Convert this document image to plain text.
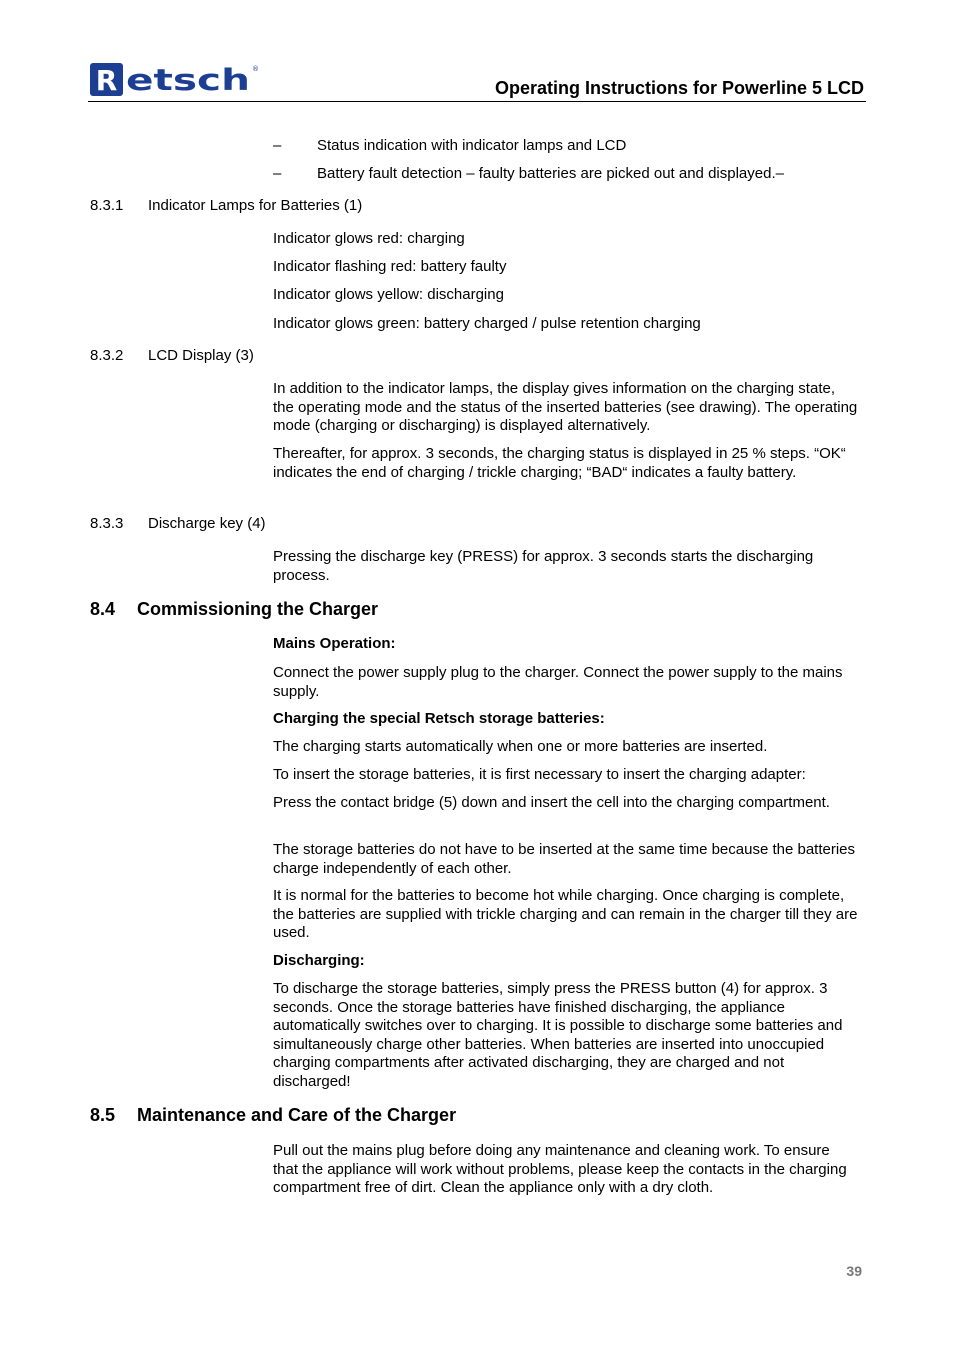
R etsch ®
Operating Instructions for Powerline 5 LCD
– Status indication with indicator lamps and LCD
– Battery fault detection – faulty batteries are picked out and displayed.–
8.3.1 Indicator Lamps for Batteries (1)
Indicator glows red: charging
Indicator flashing red: battery faulty
Indicator glows yellow: discharging
Indicator glows green: battery charged / pulse retention charging
8.3.2 LCD Display (3)
In addition to the indicator lamps, the display gives information on the charging state, the operating mode and the status of the inserted batteries (see drawing). The operating mode (charging or discharging) is displayed alternatively.
Thereafter, for approx. 3 seconds, the charging status is displayed in 25 % steps. “OK“ indicates the end of charging / trickle charging; “BAD“ indicates a faulty battery.
8.3.3 Discharge key (4)
Pressing the discharge key (PRESS) for approx. 3 seconds starts the discharging process.
8.4 Commissioning the Charger
Mains Operation:
Connect the power supply plug to the charger. Connect the power supply to the mains supply.
Charging the special Retsch storage batteries:
The charging starts automatically when one or more batteries are inserted.
To insert the storage batteries, it is first necessary to insert the charging adapter:
Press the contact bridge (5) down and insert the cell into the charging compartment.
The storage batteries do not have to be inserted at the same time because the batteries charge independently of each other.
It is normal for the batteries to become hot while charging. Once charging is complete, the batteries are supplied with trickle charging and can remain in the charger till they are used.
Discharging:
To discharge the storage batteries, simply press the PRESS button (4) for approx. 3 seconds. Once the storage batteries have finished discharging, the appliance automatically switches over to charging. It is possible to discharge some batteries and simultaneously charge other batteries. When batteries are inserted into unoccupied charging compartments after activated discharging, they are charged and not discharged!
8.5 Maintenance and Care of the Charger
Pull out the mains plug before doing any maintenance and cleaning work. To ensure that the appliance will work without problems, please keep the contacts in the charging compartment free of dirt. Clean the appliance only with a dry cloth.
39
